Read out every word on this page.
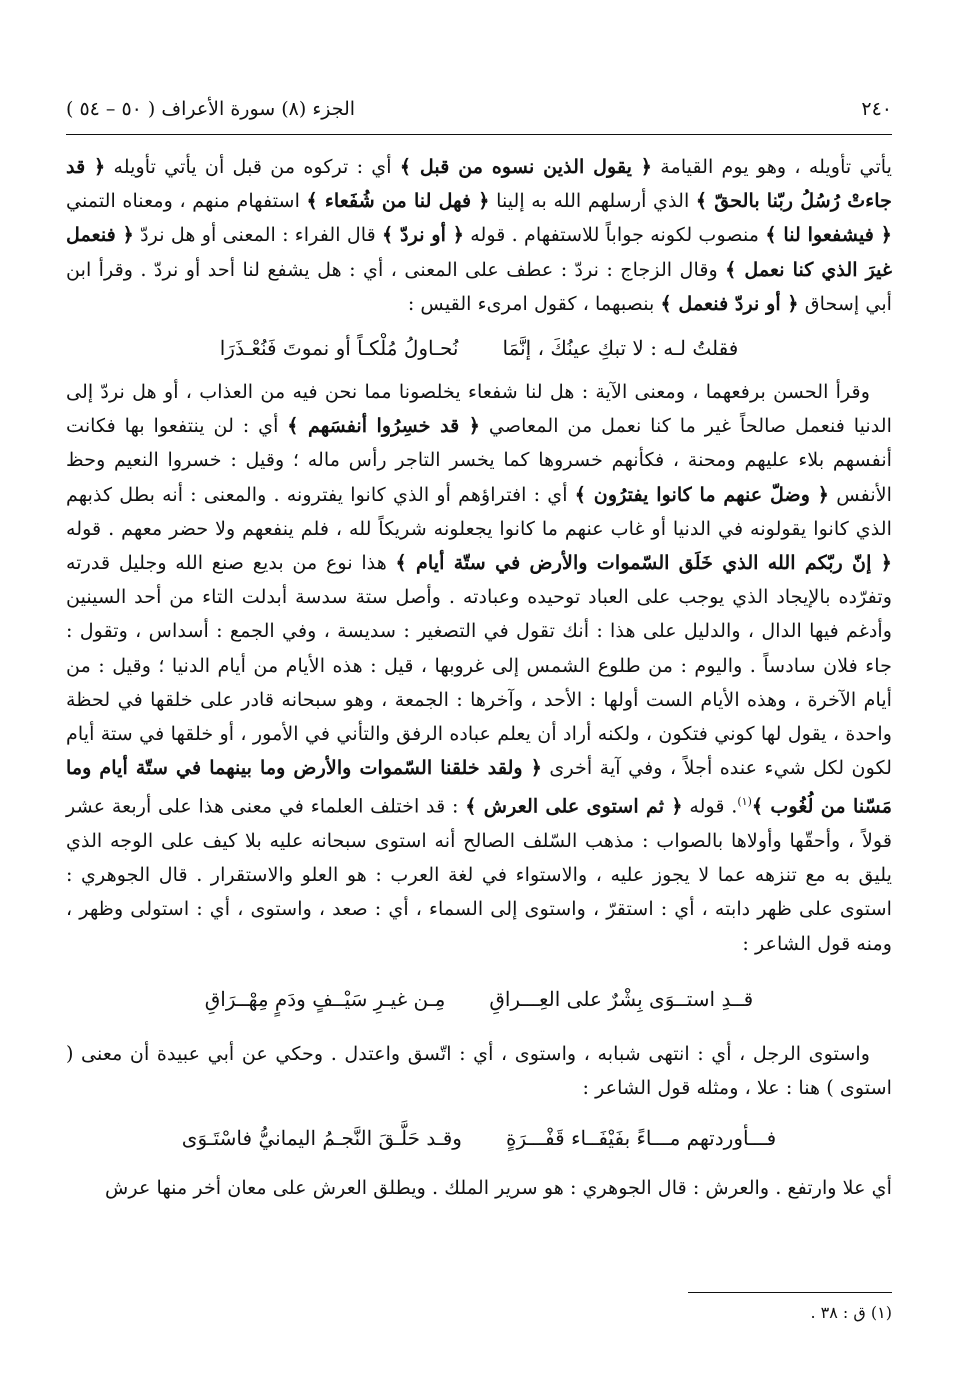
٢٤٠
الجزء (٨) سورة الأعراف ( ٥٠ – ٥٤ )

يأتي تأويله ، وهو يوم القيامة ﴿ يقول الذين نسوه من قبل ﴾ أي : تركوه من قبل أن يأتي تأويله ﴿ قد جاءتْ رُسُلُ ربّنا بالحقّ ﴾ الذي أرسلهم الله به إلينا ﴿ فهل لنا من شُفَعاء ﴾ استفهام منهم ، ومعناه التمني ﴿ فيشفعوا لنا ﴾ منصوب لكونه جواباً للاستفهام . قوله ﴿ أو نردّ ﴾ قال الفراء : المعنى أو هل نردّ ﴿ فنعمل غيرَ الذي كنا نعمل ﴾ وقال الزجاج : نردّ : عطف على المعنى ، أي : هل يشفع لنا أحد أو نردّ . وقرأ ابن أبي إسحاق ﴿ أو نردّ فنعمل ﴾ بنصبهما ، كقول امرىء القيس :

فقلتُ لـه : لا تبكِ عينُكَ ، إنَّمَا
نُحـاولُ مُلْكـاً أو نموتَ فَنُعْـذَرَا

وقرأ الحسن برفعهما ، ومعنى الآية : هل لنا شفعاء يخلصونا مما نحن فيه من العذاب ، أو هل نردّ إلى الدنيا فنعمل صالحاً غير ما كنا نعمل من المعاصي ﴿ قد خسِرُوا أنفسَهم ﴾ أي : لن ينتفعوا بها فكانت أنفسهم بلاء عليهم ومحنة ، فكأنهم خسروها كما يخسر التاجر رأس ماله ؛ وقيل : خسروا النعيم وحظ الأنفس ﴿ وضلّ عنهم ما كانوا يفترُون ﴾ أي : افتراؤهم أو الذي كانوا يفترونه . والمعنى : أنه بطل كذبهم الذي كانوا يقولونه في الدنيا أو غاب عنهم ما كانوا يجعلونه شريكاً لله ، فلم ينفعهم ولا حضر معهم . قوله ﴿ إنّ ربّكم الله الذي خَلَق السّموات والأرض في ستّة أيام ﴾ هذا نوع من بديع صنع الله وجليل قدرته وتفرّده بالإيجاد الذي يوجب على العباد توحيده وعبادته . وأصل ستة سدسة أبدلت التاء من أحد السينين وأدغم فيها الدال ، والدليل على هذا : أنك تقول في التصغير : سديسة ، وفي الجمع : أسداس ، وتقول : جاء فلان سادساً . واليوم : من طلوع الشمس إلى غروبها ، قيل : هذه الأيام من أيام الدنيا ؛ وقيل : من أيام الآخرة ، وهذه الأيام الست أولها : الأحد ، وآخرها : الجمعة ، وهو سبحانه قادر على خلقها في لحظة واحدة ، يقول لها كوني فتكون ، ولكنه أراد أن يعلم عباده الرفق والتأني في الأمور ، أو خلقها في ستة أيام لكون لكل شيء عنده أجلاً ، وفي آية أخرى ﴿ ولقد خلقنا السّموات والأرض وما بينهما في ستّة أيام وما مَسّنا من لُغُوب ﴾$^{(١)}$. قوله ﴿ ثم استوى على العرش ﴾ : قد اختلف العلماء في معنى هذا على أربعة عشر قولاً ، وأحقّها وأولاها بالصواب : مذهب السّلف الصالح أنه استوى سبحانه عليه بلا كيف على الوجه الذي يليق به مع تنزهه عما لا يجوز عليه ، والاستواء في لغة العرب : هو العلو والاستقرار . قال الجوهري : استوى على ظهر دابته ، أي : استقرّ ، واستوى إلى السماء ، أي : صعد ، واستوى ، أي : استولى وظهر ، ومنه قول الشاعر :

قــدِ استــوَى بِشْرٌ على العِـــراقِ
مِـن غيـرِ سَيْــفٍ ودَمٍ مِهْــرَاقِ

واستوى الرجل ، أي : انتهى شبابه ، واستوى ، أي : اتّسق واعتدل . وحكي عن أبي عبيدة أن معنى ( استوى ) هنا : علا ، ومثله قول الشاعر :

فـــأوردتهم مـــاءً بفَيْفَــاء قَفْـــرَةٍ
وقـد حَلَّـقَ النَّجـمُ اليمانيُّ فاسْتَـوَى

أي علا وارتفع . والعرش : قال الجوهري : هو سرير الملك . ويطلق العرش على معان أخر منها عرش

(١) ق : ٣٨ .
